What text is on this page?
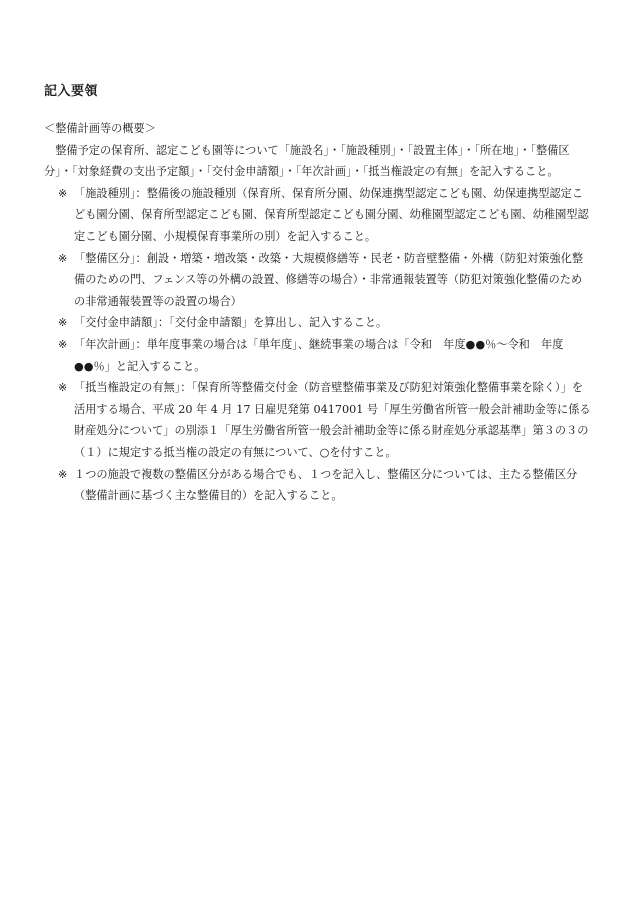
記入要領

＜整備計画等の概要＞

整備予定の保育所、認定こども園等について「施設名」・「施設種別」・「設置主体」・「所在地」・「整備区分」・「対象経費の支出予定額」・「交付金申請額」・「年次計画」・「抵当権設定の有無」を記入すること。

※ 「施設種別」：整備後の施設種別（保育所、保育所分園、幼保連携型認定こども園、幼保連携型認定こども園分園、保育所型認定こども園、保育所型認定こども園分園、幼稚園型認定こども園、幼稚園型認定こども園分園、小規模保育事業所の別）を記入すること。

※ 「整備区分」：創設・増築・増改築・改築・大規模修繕等・民老・防音壁整備・外構（防犯対策強化整備のための門、フェンス等の外構の設置、修繕等の場合）・非常通報装置等（防犯対策強化整備のための非常通報装置等の設置の場合）

※ 「交付金申請額」：「交付金申請額」を算出し、記入すること。

※ 「年次計画」：単年度事業の場合は「単年度」、継続事業の場合は「令和　年度●●％～令和　年度●●％」と記入すること。

※ 「抵当権設定の有無」：「保育所等整備交付金（防音壁整備事業及び防犯対策強化整備事業を除く）」を活用する場合、平成 20 年 4 月 17 日雇児発第 0417001 号「厚生労働省所管一般会計補助金等に係る財産処分について」の別添１「厚生労働省所管一般会計補助金等に係る財産処分承認基準」第３の３の（１）に規定する抵当権の設定の有無について、○を付すこと。

※ １つの施設で複数の整備区分がある場合でも、１つを記入し、整備区分については、主たる整備区分（整備計画に基づく主な整備目的）を記入すること。
